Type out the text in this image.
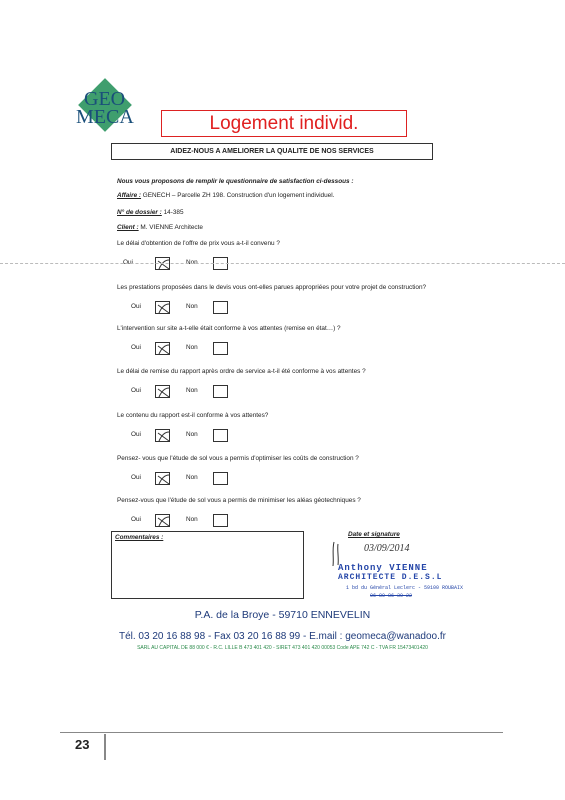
GEO
MECA	Logement individ.
AIDEZ-NOUS A AMELIORER LA QUALITE DE NOS SERVICES
Nous vous proposons de remplir le questionnaire de satisfaction ci-dessous :
Affaire : GENECH – Parcelle ZH 198. Construction d'un logement individuel.
N° de dossier : 14-385
Client : M. VIENNE Architecte
Le délai d'obtention de l'offre de prix vous a-t-il convenu ?
Oui	Non
Les prestations proposées dans le devis vous ont-elles parues appropriées pour votre projet de construction?
Oui	Non
L'intervention sur site a-t-elle était conforme à vos attentes (remise en état…) ?
Oui	Non
Le délai de remise du rapport après ordre de service a-t-il été conforme à vos attentes ?
Oui	Non
Le contenu du rapport est-il conforme à vos attentes?
Oui	Non
Pensez- vous que l'étude de sol vous a permis d'optimiser les coûts de construction ?
Oui	Non
Pensez-vous que l'étude de sol vous a permis de minimiser les aléas géotechniques ?
Oui	Non
Commentaires :	Date et signature
03/09/2014
Anthony VIENNE
ARCHITECTE D.E.S.L
1 bd du Général Leclerc - 59100 ROUBAIX
06 80 86 30 22
P.A. de la Broye - 59710 ENNEVELIN
Tél. 03 20 16 88 98 - Fax 03 20 16 88 99 - E.mail : geomeca@wanadoo.fr
SARL AU CAPITAL DE 88 000 € - R.C. LILLE B 473 401 420 - SIRET 473 401 420 00053 Code APE 742 C - TVA FR 15473401420
23
